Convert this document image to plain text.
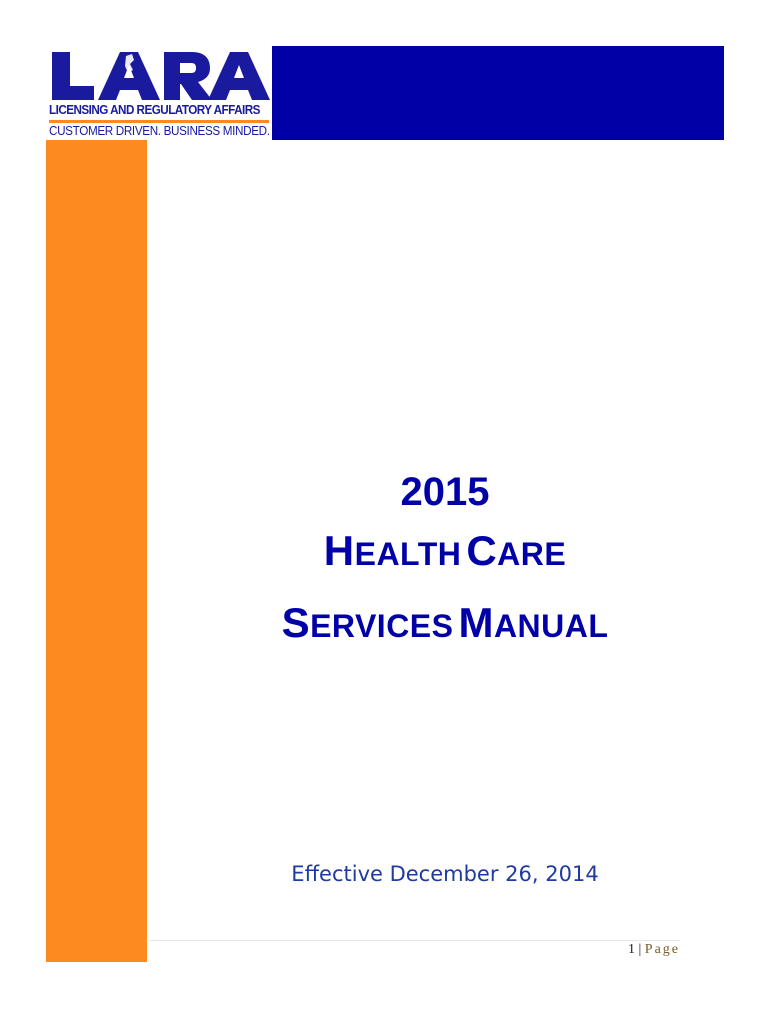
LICENSING AND REGULATORY AFFAIRS
CUSTOMER DRIVEN. BUSINESS MINDED.
2015
HEALTH CARE
SERVICES MANUAL
Effective December 26, 2014
1 | Page
